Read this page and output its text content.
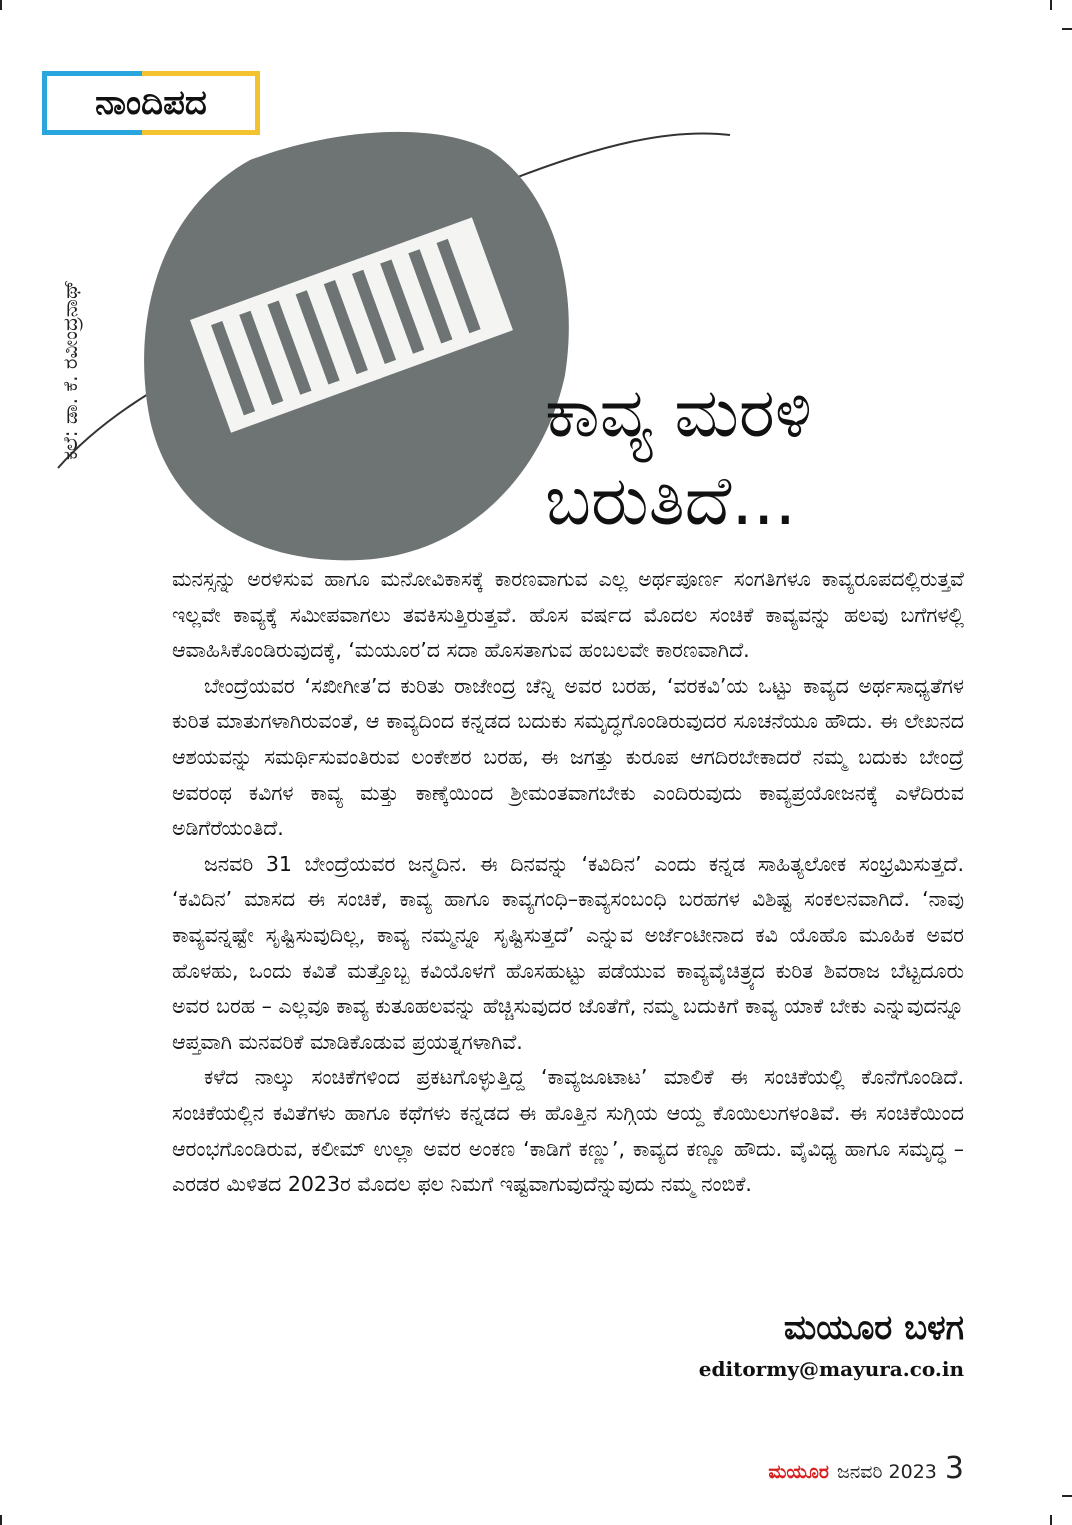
ನಾಂದಿಪದ
ಕಲೆ: ಡಾ. ಕೆ. ರವೀಂದ್ರನಾಥ್	ಕಾವ್ಯ ಮರಳಿ
ಬರುತಿದೆ...

ಮನಸ್ಸನ್ನು ಅರಳಿಸುವ ಹಾಗೂ ಮನೋವಿಕಾಸಕ್ಕೆ ಕಾರಣವಾಗುವ ಎಲ್ಲ ಅರ್ಥಪೂರ್ಣ ಸಂಗತಿಗಳೂ ಕಾವ್ಯರೂಪದಲ್ಲಿರುತ್ತವೆ ಇಲ್ಲವೇ ಕಾವ್ಯಕ್ಕೆ ಸಮೀಪವಾಗಲು ತವಕಿಸುತ್ತಿರುತ್ತವೆ. ಹೊಸ ವರ್ಷದ ಮೊದಲ ಸಂಚಿಕೆ ಕಾವ್ಯವನ್ನು ಹಲವು ಬಗೆಗಳಲ್ಲಿ ಆವಾಹಿಸಿಕೊಂಡಿರುವುದಕ್ಕೆ, ‘ಮಯೂರ’ದ ಸದಾ ಹೊಸತಾಗುವ ಹಂಬಲವೇ ಕಾರಣವಾಗಿದೆ.

ಬೇಂದ್ರೆಯವರ ‘ಸಖೀಗೀತ’ದ ಕುರಿತು ರಾಜೇಂದ್ರ ಚೆನ್ನಿ ಅವರ ಬರಹ, ‘ವರಕವಿ’ಯ ಒಟ್ಟು ಕಾವ್ಯದ ಅರ್ಥಸಾಧ್ಯತೆಗಳ ಕುರಿತ ಮಾತುಗಳಾಗಿರುವಂತೆ, ಆ ಕಾವ್ಯದಿಂದ ಕನ್ನಡದ ಬದುಕು ಸಮೃದ್ಧಗೊಂಡಿರುವುದರ ಸೂಚನೆಯೂ ಹೌದು. ಈ ಲೇಖನದ ಆಶಯವನ್ನು ಸಮರ್ಥಿಸುವಂತಿರುವ ಲಂಕೇಶರ ಬರಹ, ಈ ಜಗತ್ತು ಕುರೂಪ ಆಗದಿರಬೇಕಾದರೆ ನಮ್ಮ ಬದುಕು ಬೇಂದ್ರೆ ಅವರಂಥ ಕವಿಗಳ ಕಾವ್ಯ ಮತ್ತು ಕಾಣ್ಕೆಯಿಂದ ಶ್ರೀಮಂತವಾಗಬೇಕು ಎಂದಿರುವುದು ಕಾವ್ಯಪ್ರಯೋಜನಕ್ಕೆ ಎಳೆದಿರುವ ಅಡಿಗೆರೆಯಂತಿದೆ.

ಜನವರಿ 31 ಬೇಂದ್ರೆಯವರ ಜನ್ಮದಿನ. ಈ ದಿನವನ್ನು ‘ಕವಿದಿನ’ ಎಂದು ಕನ್ನಡ ಸಾಹಿತ್ಯಲೋಕ ಸಂಭ್ರಮಿಸುತ್ತದೆ. ‘ಕವಿದಿನ’ ಮಾಸದ ಈ ಸಂಚಿಕೆ, ಕಾವ್ಯ ಹಾಗೂ ಕಾವ್ಯಗಂಧಿ–ಕಾವ್ಯಸಂಬಂಧಿ ಬರಹಗಳ ವಿಶಿಷ್ಟ ಸಂಕಲನವಾಗಿದೆ. ‘ನಾವು ಕಾವ್ಯವನ್ನಷ್ಟೇ ಸೃಷ್ಟಿಸುವುದಿಲ್ಲ, ಕಾವ್ಯ ನಮ್ಮನ್ನೂ ಸೃಷ್ಟಿಸುತ್ತದೆ’ ಎನ್ನುವ ಅರ್ಜೆಂಟೀನಾದ ಕವಿ ಯೊಹೊ ಮೂಹಿಕ ಅವರ ಹೊಳಹು, ಒಂದು ಕವಿತೆ ಮತ್ತೊಬ್ಬ ಕವಿಯೊಳಗೆ ಹೊಸಹುಟ್ಟು ಪಡೆಯುವ ಕಾವ್ಯವೈಚಿತ್ರ್ಯದ ಕುರಿತ ಶಿವರಾಜ ಬೆಟ್ಟದೂರು ಅವರ ಬರಹ – ಎಲ್ಲವೂ ಕಾವ್ಯ ಕುತೂಹಲವನ್ನು ಹೆಚ್ಚಿಸುವುದರ ಜೊತೆಗೆ, ನಮ್ಮ ಬದುಕಿಗೆ ಕಾವ್ಯ ಯಾಕೆ ಬೇಕು ಎನ್ನುವುದನ್ನೂ ಆಪ್ತವಾಗಿ ಮನವರಿಕೆ ಮಾಡಿಕೊಡುವ ಪ್ರಯತ್ನಗಳಾಗಿವೆ.

ಕಳೆದ ನಾಲ್ಕು ಸಂಚಿಕೆಗಳಿಂದ ಪ್ರಕಟಗೊಳ್ಳುತ್ತಿದ್ದ ‘ಕಾವ್ಯಜೂಟಾಟ’ ಮಾಲಿಕೆ ಈ ಸಂಚಿಕೆಯಲ್ಲಿ ಕೊನೆಗೊಂಡಿದೆ. ಸಂಚಿಕೆಯಲ್ಲಿನ ಕವಿತೆಗಳು ಹಾಗೂ ಕಥೆಗಳು ಕನ್ನಡದ ಈ ಹೊತ್ತಿನ ಸುಗ್ಗಿಯ ಆಯ್ದ ಕೊಯಿಲುಗಳಂತಿವೆ. ಈ ಸಂಚಿಕೆಯಿಂದ ಆರಂಭಗೊಂಡಿರುವ, ಕಲೀಮ್ ಉಲ್ಲಾ ಅವರ ಅಂಕಣ ‘ಕಾಡಿಗೆ ಕಣ್ಣು’, ಕಾವ್ಯದ ಕಣ್ಣೂ ಹೌದು. ವೈವಿಧ್ಯ ಹಾಗೂ ಸಮೃದ್ಧ – ಎರಡರ ಮಿಳಿತದ 2023ರ ಮೊದಲ ಫಲ ನಿಮಗೆ ಇಷ್ಟವಾಗುವುದೆನ್ನುವುದು ನಮ್ಮ ನಂಬಿಕೆ.

ಮಯೂರ ಬಳಗ
editormy@mayura.co.in
ಮಯೂರ ಜನವರಿ 2023 3
